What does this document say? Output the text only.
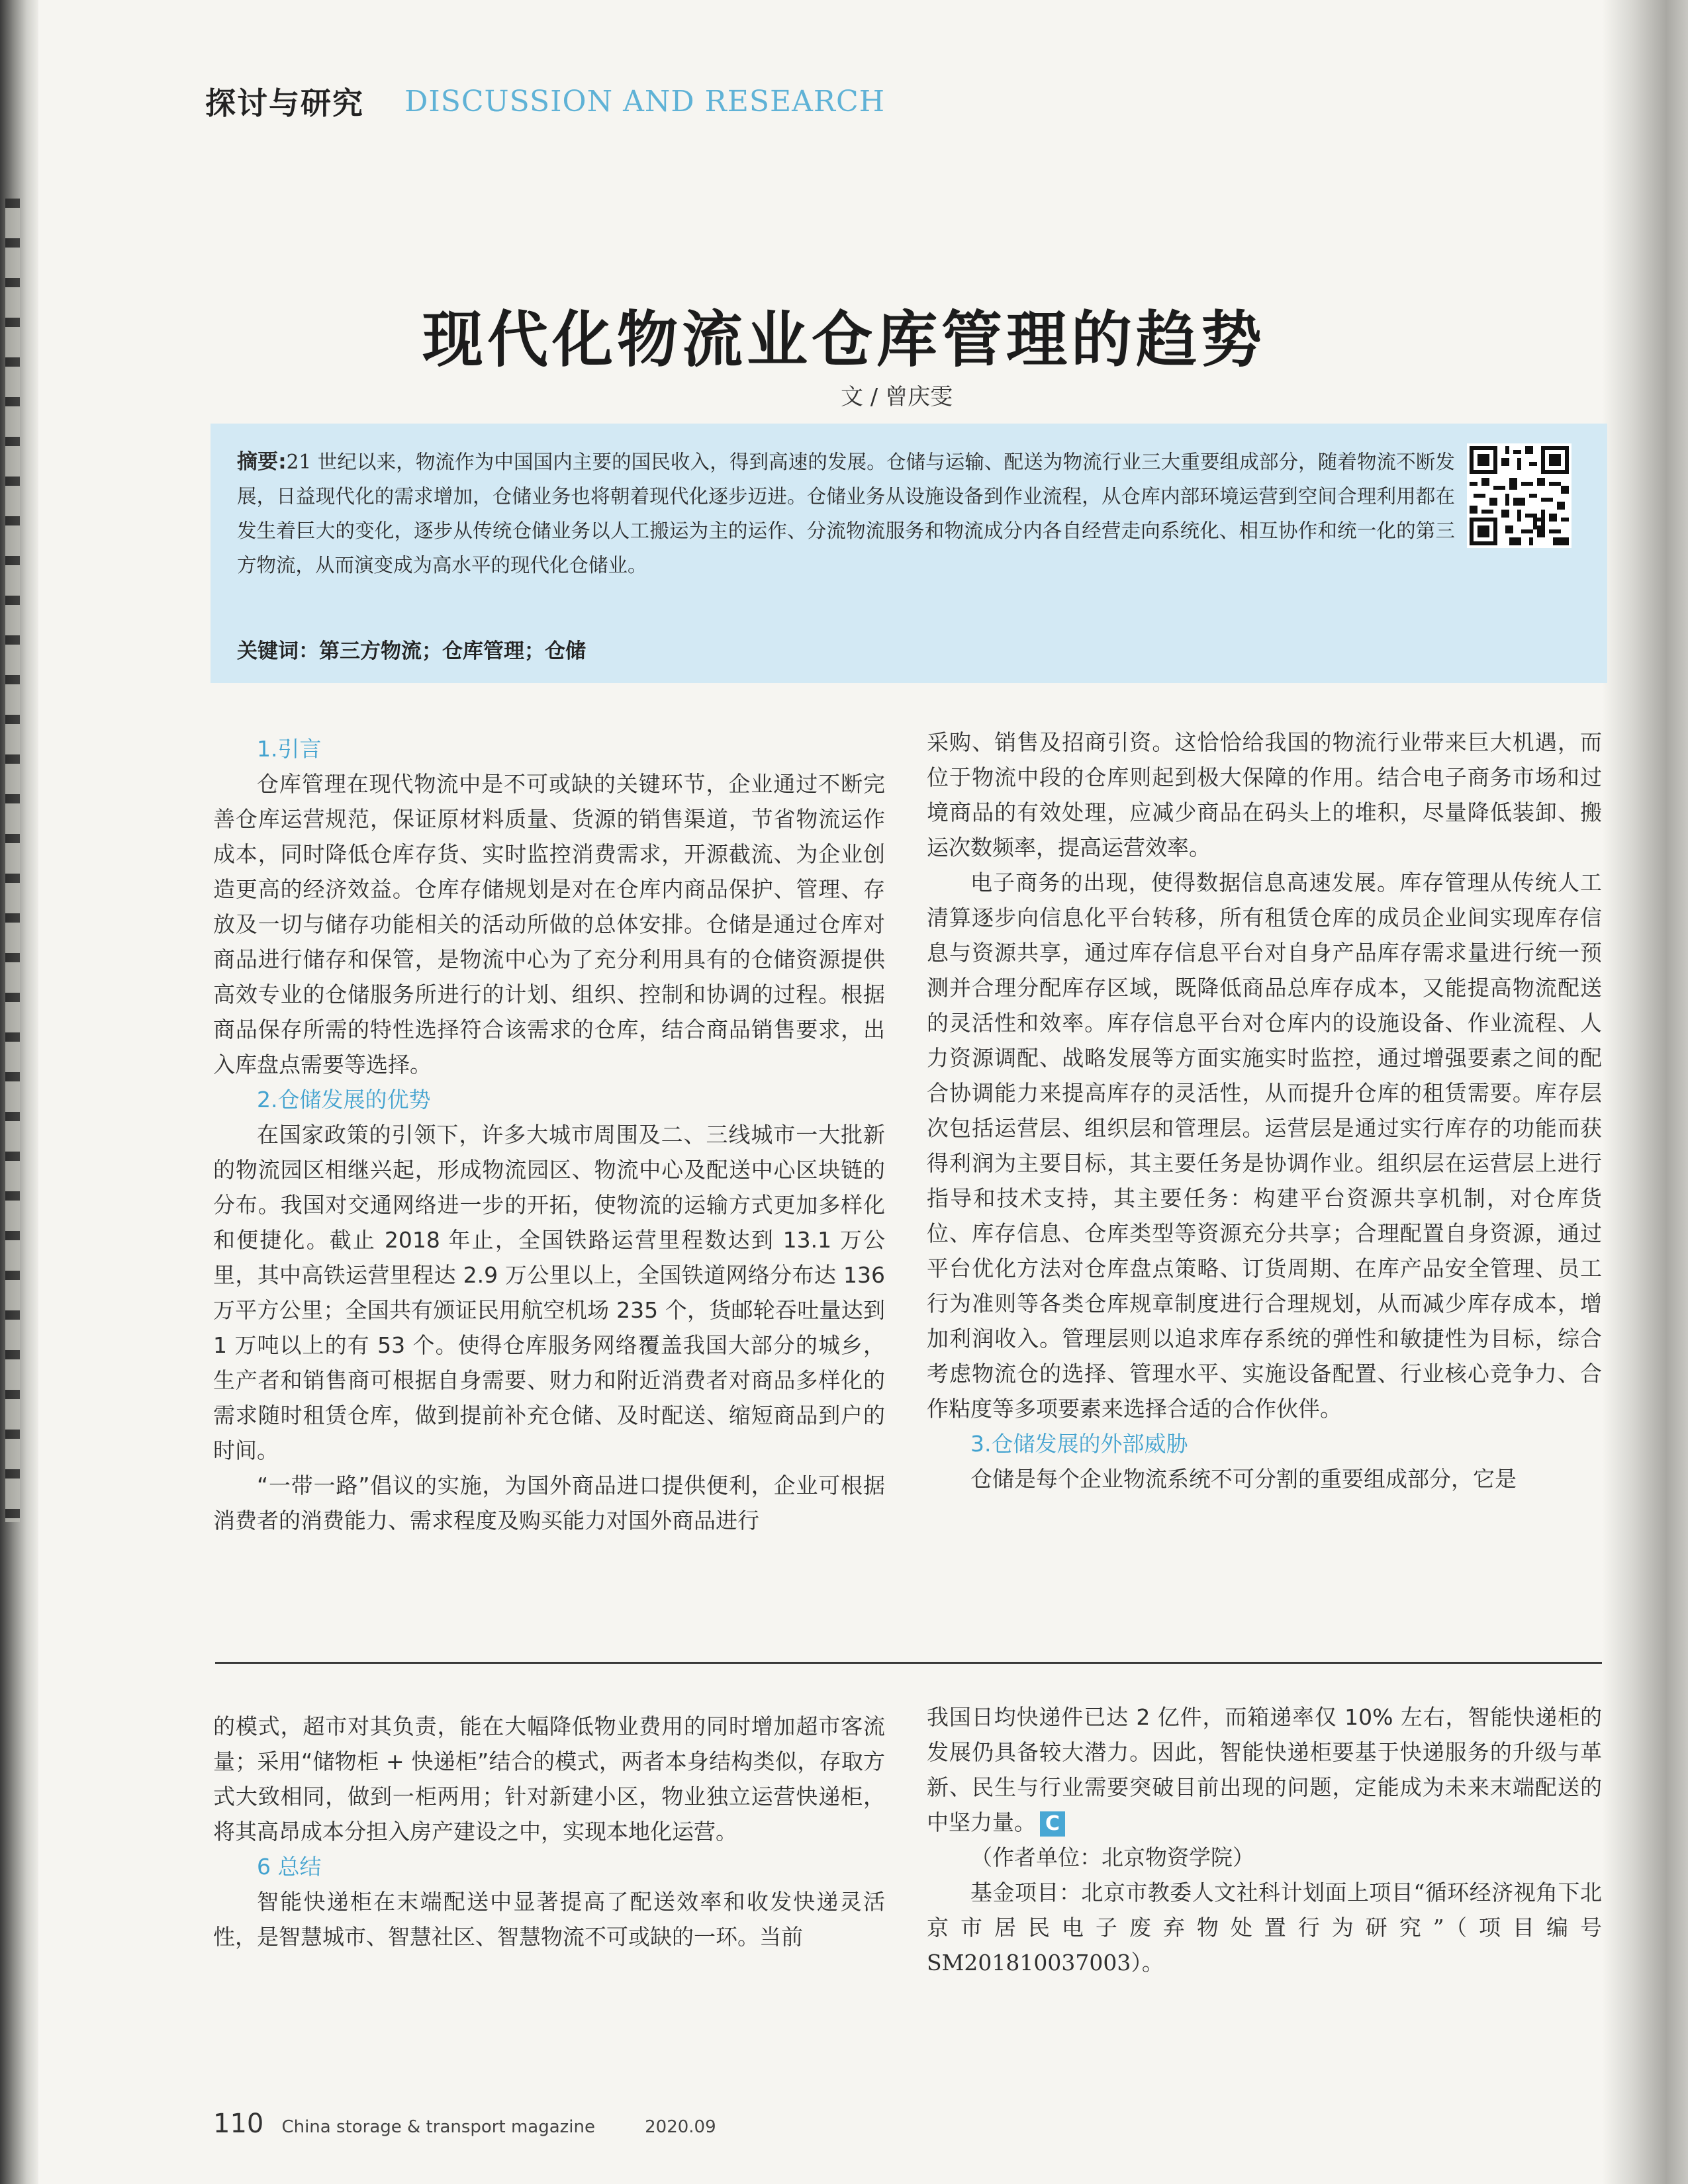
探讨与研究 DISCUSSION AND RESEARCH
现代化物流业仓库管理的趋势
文 / 曾庆雯
摘要:21 世纪以来，物流作为中国国内主要的国民收入，得到高速的发展。仓储与运输、配送为物流行业三大重要组成部分，随着物流不断发展，日益现代化的需求增加，仓储业务也将朝着现代化逐步迈进。仓储业务从设施设备到作业流程，从仓库内部环境运营到空间合理利用都在发生着巨大的变化，逐步从传统仓储业务以人工搬运为主的运作、分流物流服务和物流成分内各自经营走向系统化、相互协作和统一化的第三方物流，从而演变成为高水平的现代化仓储业。
关键词：第三方物流；仓库管理；仓储
1.引言

仓库管理在现代物流中是不可或缺的关键环节，企业通过不断完善仓库运营规范，保证原材料质量、货源的销售渠道，节省物流运作成本，同时降低仓库存货、实时监控消费需求，开源截流、为企业创造更高的经济效益。仓库存储规划是对在仓库内商品保护、管理、存放及一切与储存功能相关的活动所做的总体安排。仓储是通过仓库对商品进行储存和保管，是物流中心为了充分利用具有的仓储资源提供高效专业的仓储服务所进行的计划、组织、控制和协调的过程。根据商品保存所需的特性选择符合该需求的仓库，结合商品销售要求，出入库盘点需要等选择。

2.仓储发展的优势

在国家政策的引领下，许多大城市周围及二、三线城市一大批新的物流园区相继兴起，形成物流园区、物流中心及配送中心区块链的分布。我国对交通网络进一步的开拓，使物流的运输方式更加多样化和便捷化。截止 2018 年止，全国铁路运营里程数达到 13.1 万公里，其中高铁运营里程达 2.9 万公里以上，全国铁道网络分布达 136 万平方公里；全国共有颁证民用航空机场 235 个，货邮轮吞吐量达到 1 万吨以上的有 53 个。使得仓库服务网络覆盖我国大部分的城乡，生产者和销售商可根据自身需要、财力和附近消费者对商品多样化的需求随时租赁仓库，做到提前补充仓储、及时配送、缩短商品到户的时间。

“一带一路”倡议的实施，为国外商品进口提供便利，企业可根据消费者的消费能力、需求程度及购买能力对国外商品进行

采购、销售及招商引资。这恰恰给我国的物流行业带来巨大机遇，而位于物流中段的仓库则起到极大保障的作用。结合电子商务市场和过境商品的有效处理，应减少商品在码头上的堆积，尽量降低装卸、搬运次数频率，提高运营效率。

电子商务的出现，使得数据信息高速发展。库存管理从传统人工清算逐步向信息化平台转移，所有租赁仓库的成员企业间实现库存信息与资源共享，通过库存信息平台对自身产品库存需求量进行统一预测并合理分配库存区域，既降低商品总库存成本，又能提高物流配送的灵活性和效率。库存信息平台对仓库内的设施设备、作业流程、人力资源调配、战略发展等方面实施实时监控，通过增强要素之间的配合协调能力来提高库存的灵活性，从而提升仓库的租赁需要。库存层次包括运营层、组织层和管理层。运营层是通过实行库存的功能而获得利润为主要目标，其主要任务是协调作业。组织层在运营层上进行指导和技术支持，其主要任务：构建平台资源共享机制，对仓库货位、库存信息、仓库类型等资源充分共享；合理配置自身资源，通过平台优化方法对仓库盘点策略、订货周期、在库产品安全管理、员工行为准则等各类仓库规章制度进行合理规划，从而减少库存成本，增加利润收入。管理层则以追求库存系统的弹性和敏捷性为目标，综合考虑物流仓的选择、管理水平、实施设备配置、行业核心竞争力、合作粘度等多项要素来选择合适的合作伙伴。

3.仓储发展的外部威胁

仓储是每个企业物流系统不可分割的重要组成部分，它是

的模式，超市对其负责，能在大幅降低物业费用的同时增加超市客流量；采用“储物柜 + 快递柜”结合的模式，两者本身结构类似，存取方式大致相同，做到一柜两用；针对新建小区，物业独立运营快递柜，将其高昂成本分担入房产建设之中，实现本地化运营。

6 总结

智能快递柜在末端配送中显著提高了配送效率和收发快递灵活性，是智慧城市、智慧社区、智慧物流不可或缺的一环。当前

我国日均快递件已达 2 亿件，而箱递率仅 10% 左右，智能快递柜的发展仍具备较大潜力。因此，智能快递柜要基于快递服务的升级与革新、民生与行业需要突破目前出现的问题，定能成为未来末端配送的中坚力量。 C

（作者单位：北京物资学院）

基金项目：北京市教委人文社科计划面上项目“循环经济视角下北京市居民电子废弃物处置行为研究”（项目编号 SM201810037003）。

110 China storage & transport magazine	2020.09
